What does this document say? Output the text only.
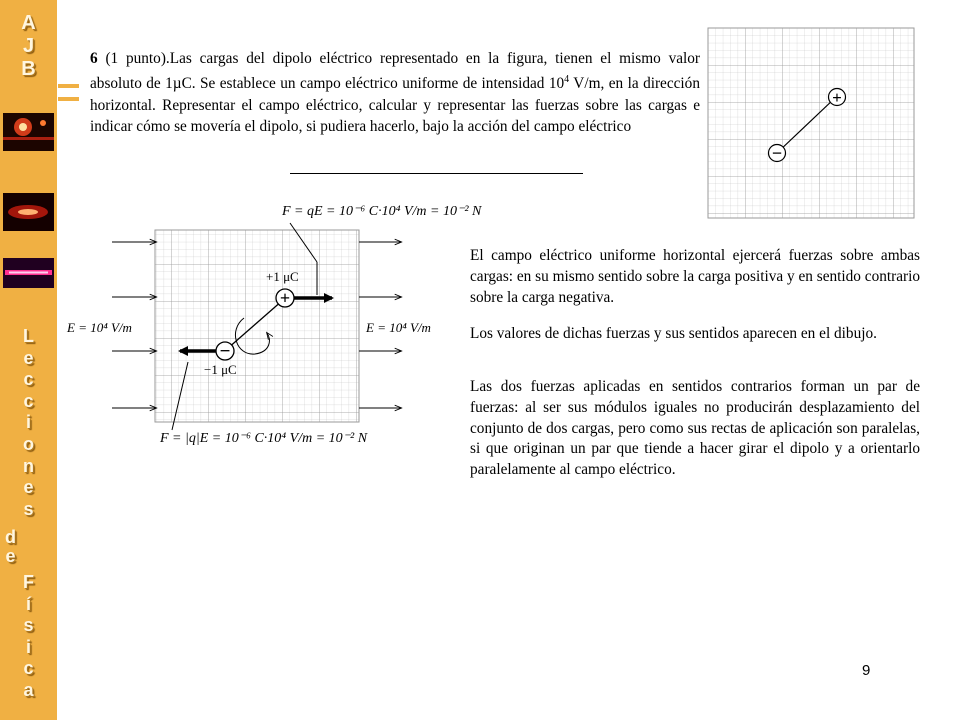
A
J
B
L
e
c
c
i
o
n
e
s
d
e
F
í
s
i
c
a
6 (1 punto).Las cargas del dipolo eléctrico representado en la figura, tienen el mismo valor absoluto de 1µC. Se establece un campo eléctrico uniforme de intensidad $10^4$ V/m, en la dirección horizontal. Representar el campo eléctrico, calcular y representar las fuerzas sobre las cargas e indicar cómo se movería el dipolo, si pudiera hacerlo, bajo la acción del campo eléctrico
+
−
E = 10⁴ V/m	E = 10⁴ V/m
F = qE = 10⁻⁶ C·10⁴ V/m = 10⁻² N
+
−
+1 μC
−1 μC
F = |q|E = 10⁻⁶ C·10⁴ V/m = 10⁻² N
El campo eléctrico uniforme horizontal ejercerá fuerzas sobre ambas cargas: en su mismo sentido sobre la carga positiva y en sentido contrario sobre la carga negativa.
Los valores de dichas fuerzas y sus sentidos aparecen en el dibujo.
Las dos fuerzas aplicadas en sentidos contrarios forman un par de fuerzas: al ser sus módulos iguales no producirán desplazamiento del conjunto de dos cargas, pero como sus rectas de aplicación son paralelas, si que originan un par que tiende a hacer girar el dipolo y a orientarlo paralelamente al campo eléctrico.
9
